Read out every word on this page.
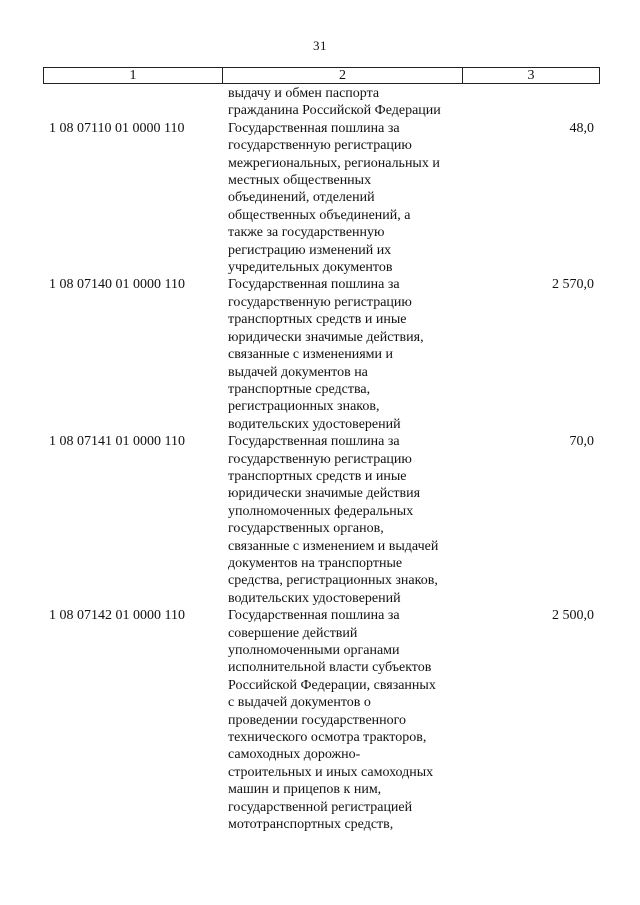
31
1	2	3
выдачу и обмен паспорта
гражданина Российской Федерации
1 08 07110 01 0000 110	Государственная пошлина за
государственную регистрацию
межрегиональных, региональных и
местных общественных
объединений, отделений
общественных объединений, а
также за государственную
регистрацию изменений их
учредительных документов
48,0
1 08 07140 01 0000 110	Государственная пошлина за
государственную регистрацию
транспортных средств и иные
юридически значимые действия,
связанные с изменениями и
выдачей документов на
транспортные средства,
регистрационных знаков,
водительских удостоверений
2 570,0
1 08 07141 01 0000 110	Государственная пошлина за
государственную регистрацию
транспортных средств и иные
юридически значимые действия
уполномоченных федеральных
государственных органов,
связанные с изменением и выдачей
документов на транспортные
средства, регистрационных знаков,
водительских удостоверений
70,0
1 08 07142 01 0000 110	Государственная пошлина за
совершение действий
уполномоченными органами
исполнительной власти субъектов
Российской Федерации, связанных
с выдачей документов о
проведении государственного
технического осмотра тракторов,
самоходных дорожно-
строительных и иных самоходных
машин и прицепов к ним,
государственной регистрацией
мототранспортных средств,
2 500,0
